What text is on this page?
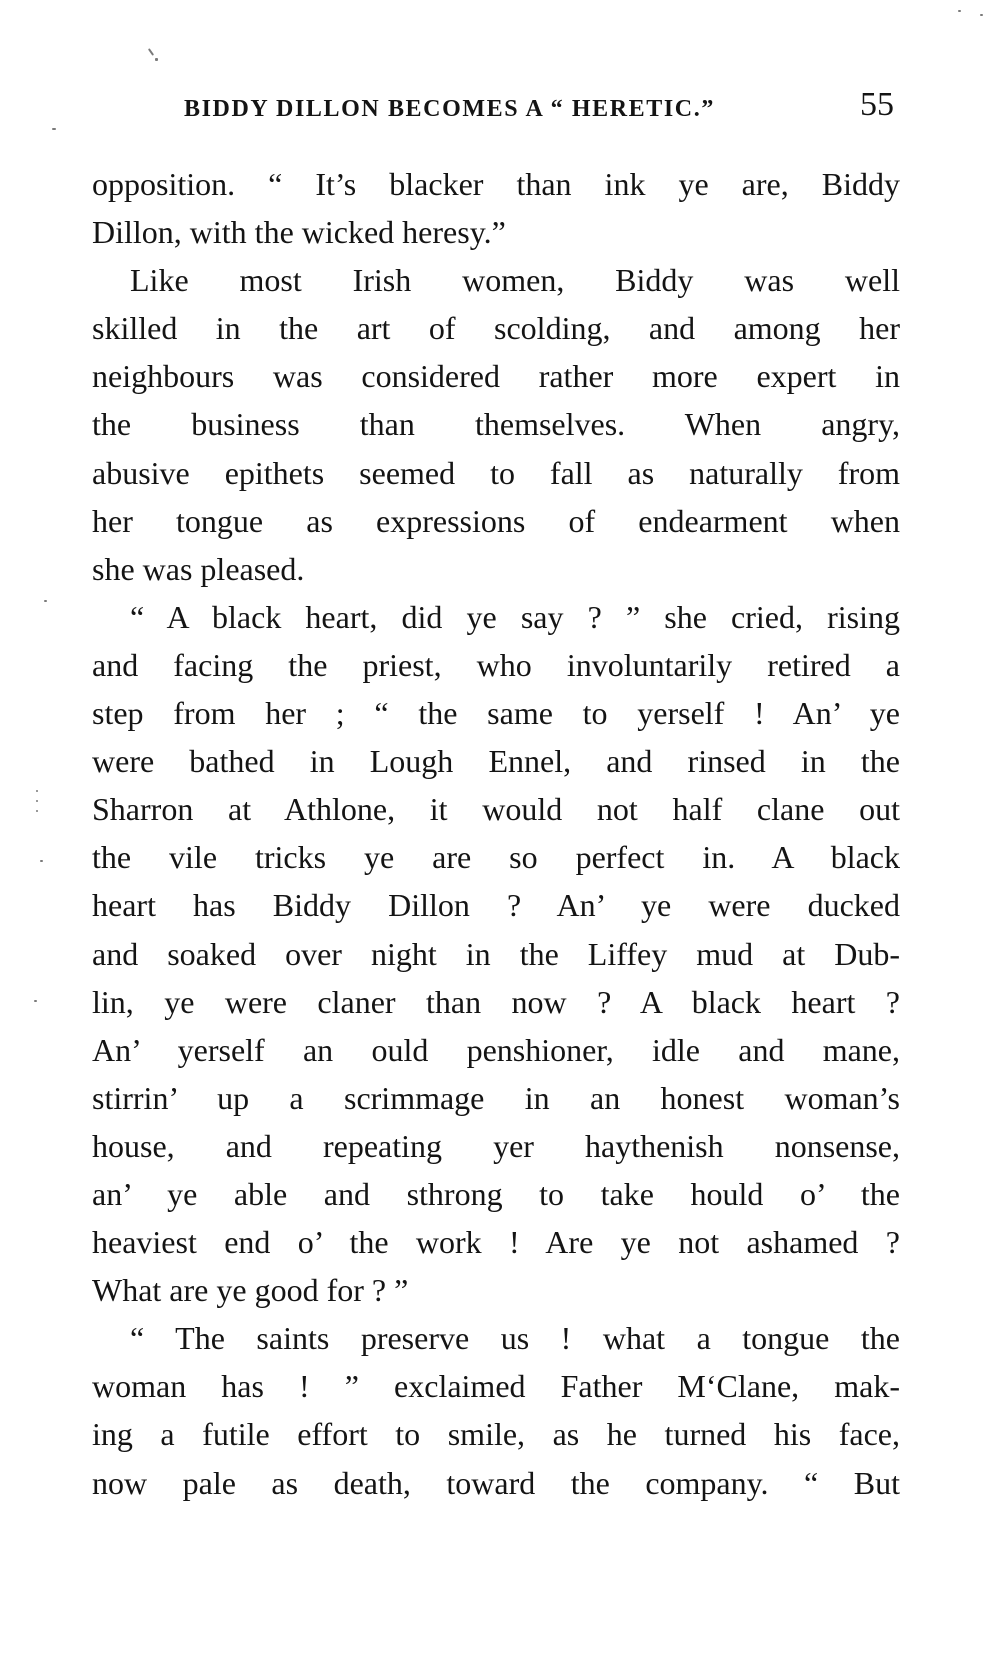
BIDDY DILLON BECOMES A “ HERETIC.”	55
opposition. “ It’s blacker than ink ye are, Biddy
Dillon, with the wicked heresy.”
Like most Irish women, Biddy was well
skilled in the art of scolding, and among her
neighbours was considered rather more expert in
the business than themselves. When angry,
abusive epithets seemed to fall as naturally from
her tongue as expressions of endearment when
she was pleased.
“ A black heart, did ye say ? ” she cried, rising
and facing the priest, who involuntarily retired a
step from her ; “ the same to yerself ! An’ ye
were bathed in Lough Ennel, and rinsed in the
Sharron at Athlone, it would not half clane out
the vile tricks ye are so perfect in. A black
heart has Biddy Dillon ? An’ ye were ducked
and soaked over night in the Liffey mud at Dub-
lin, ye were claner than now ? A black heart ?
An’ yerself an ould penshioner, idle and mane,
stirrin’ up a scrimmage in an honest woman’s
house, and repeating yer haythenish nonsense,
an’ ye able and sthrong to take hould o’ the
heaviest end o’ the work ! Are ye not ashamed ?
What are ye good for ? ”
“ The saints preserve us ! what a tongue the
woman has ! ” exclaimed Father M‘Clane, mak-
ing a futile effort to smile, as he turned his face,
now pale as death, toward the company. “ But
